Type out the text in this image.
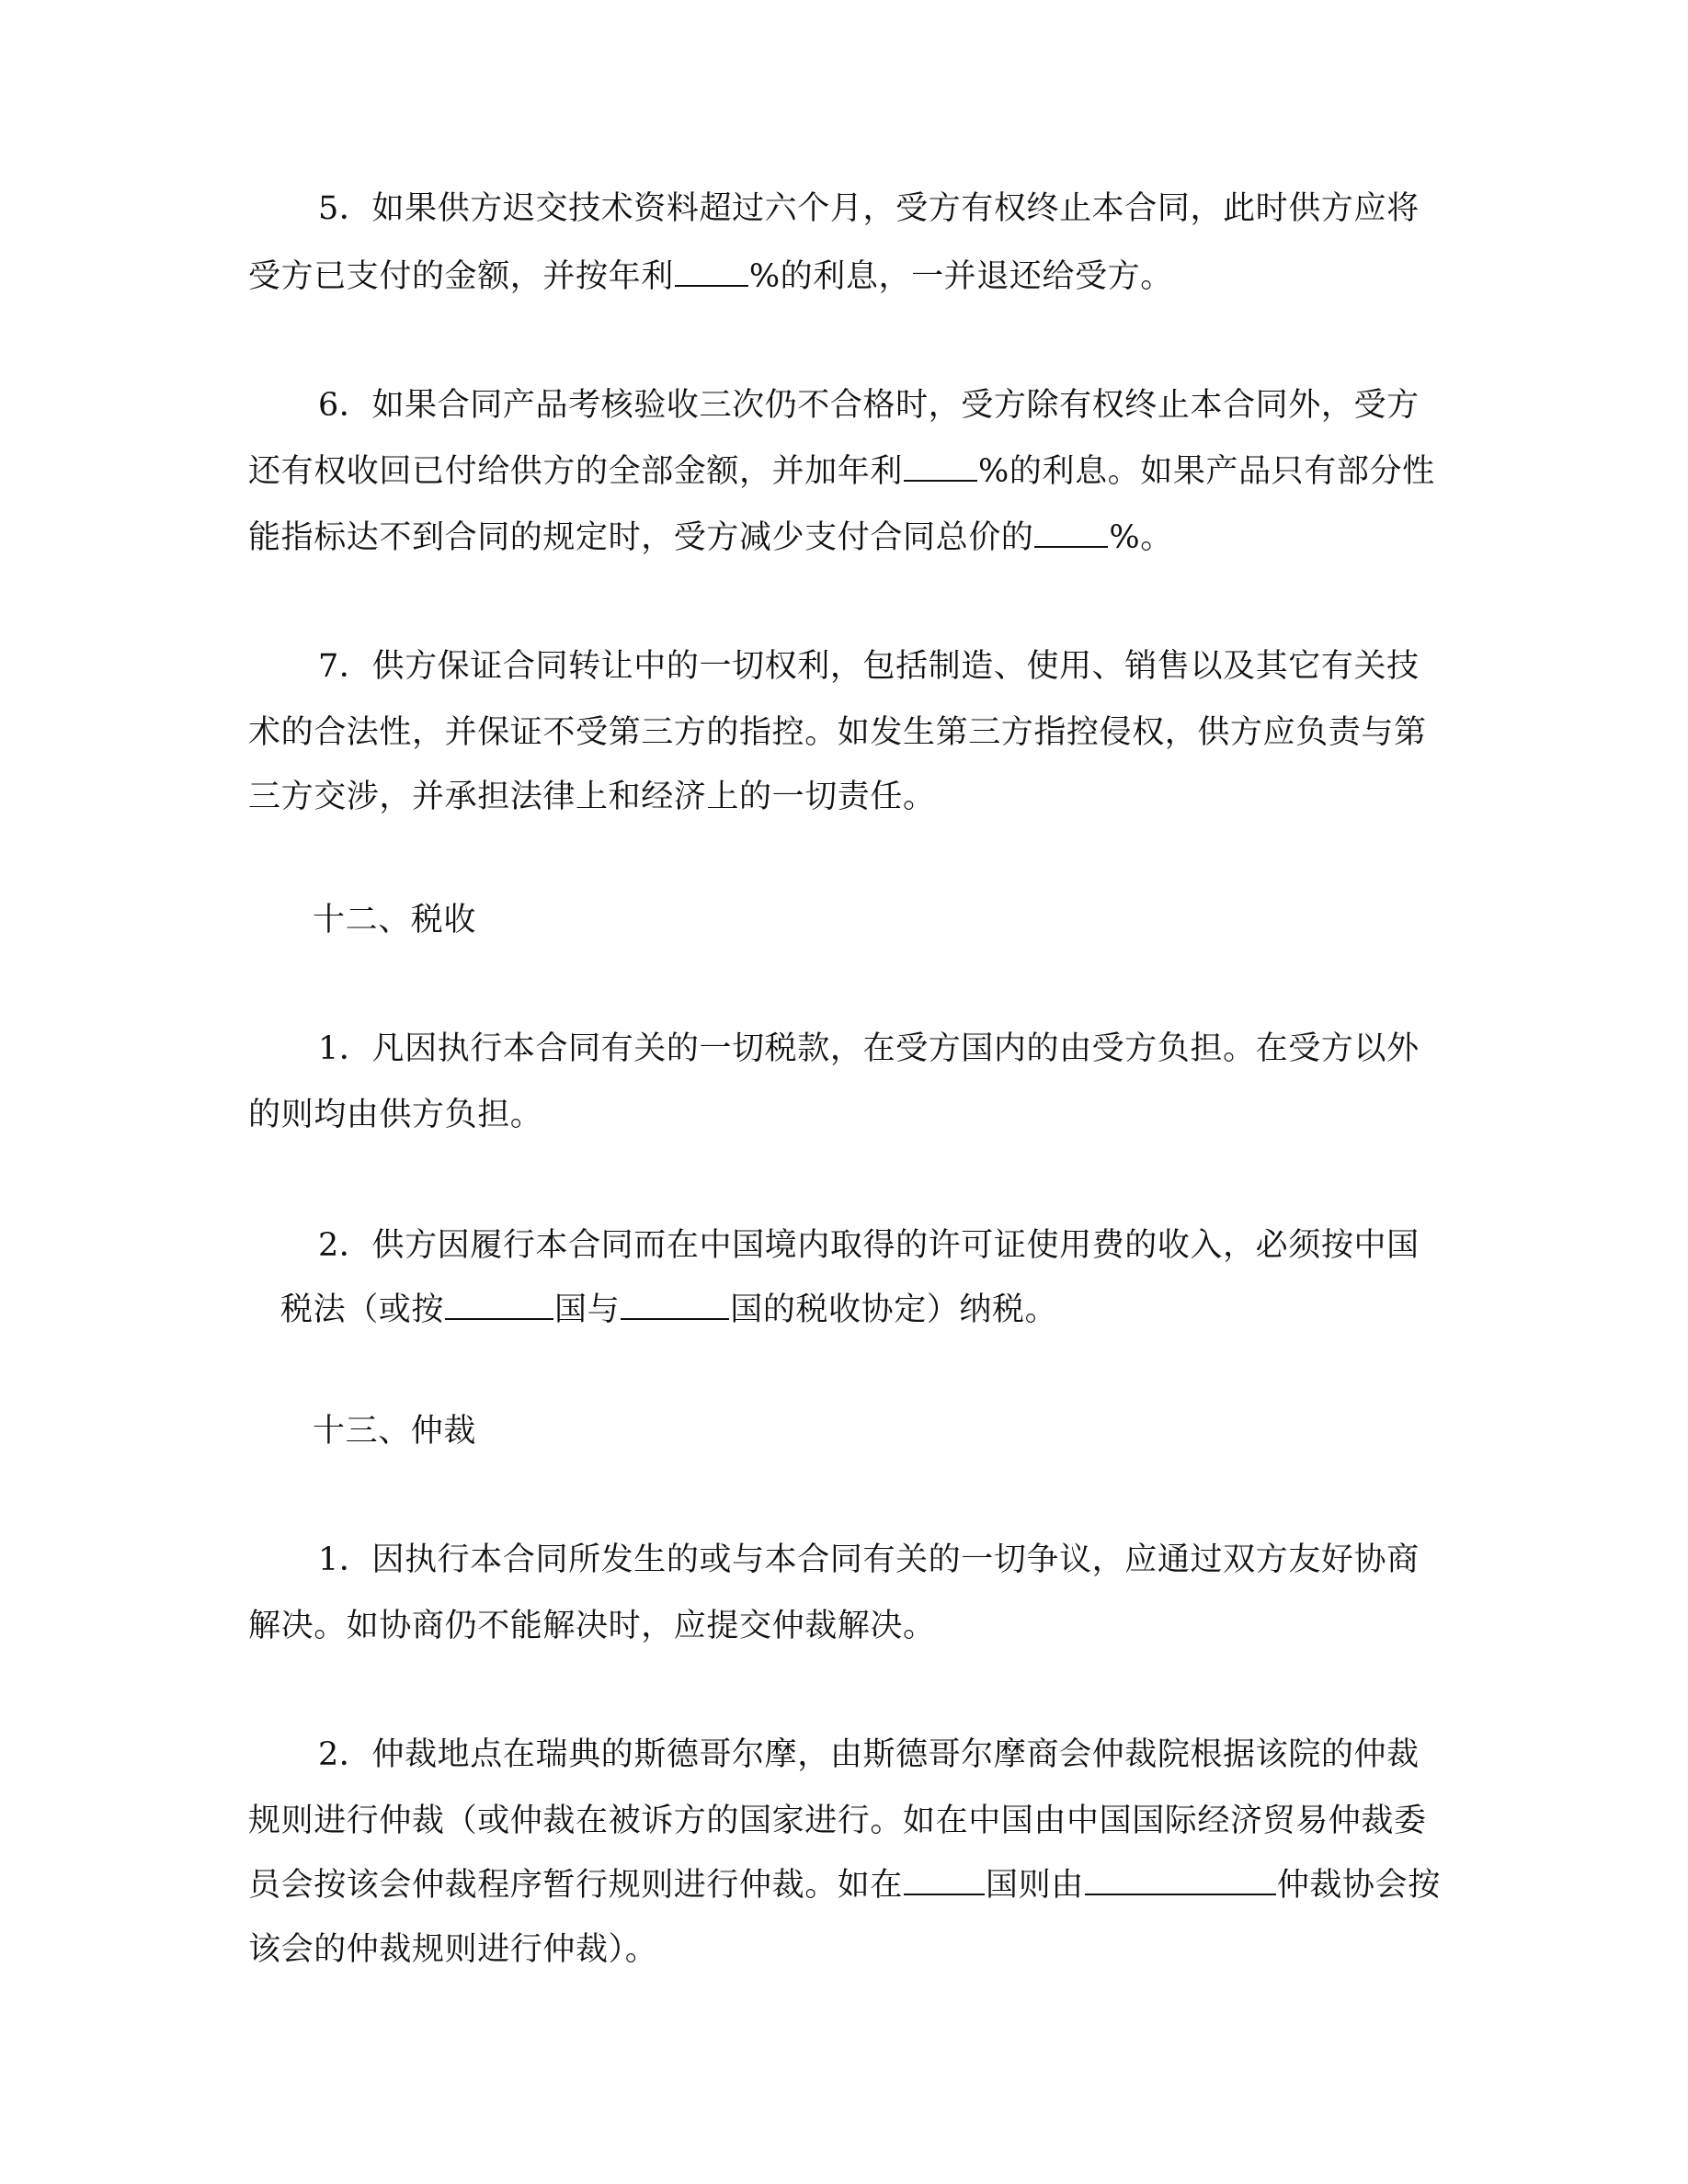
5．如果供方迟交技术资料超过六个月，受方有权终止本合同，此时供方应将
受方已支付的金额，并按年利 %的利息，一并退还给受方。
6．如果合同产品考核验收三次仍不合格时，受方除有权终止本合同外，受方
还有权收回已付给供方的全部金额，并加年利 %的利息。如果产品只有部分性
能指标达不到合同的规定时，受方减少支付合同总价的 %。
7．供方保证合同转让中的一切权利，包括制造、使用、销售以及其它有关技
术的合法性，并保证不受第三方的指控。如发生第三方指控侵权，供方应负责与第
三方交涉，并承担法律上和经济上的一切责任。
十二、税收
1．凡因执行本合同有关的一切税款，在受方国内的由受方负担。在受方以外
的则均由供方负担。
2．供方因履行本合同而在中国境内取得的许可证使用费的收入，必须按中国
税法（或按	国与	国的税收协定）纳税。
十三、仲裁
1．因执行本合同所发生的或与本合同有关的一切争议，应通过双方友好协商
解决。如协商仍不能解决时，应提交仲裁解决。
2．仲裁地点在瑞典的斯德哥尔摩，由斯德哥尔摩商会仲裁院根据该院的仲裁
规则进行仲裁（或仲裁在被诉方的国家进行。如在中国由中国国际经济贸易仲裁委
员会按该会仲裁程序暂行规则进行仲裁。如在	国则由	仲裁协会按
该会的仲裁规则进行仲裁）。
